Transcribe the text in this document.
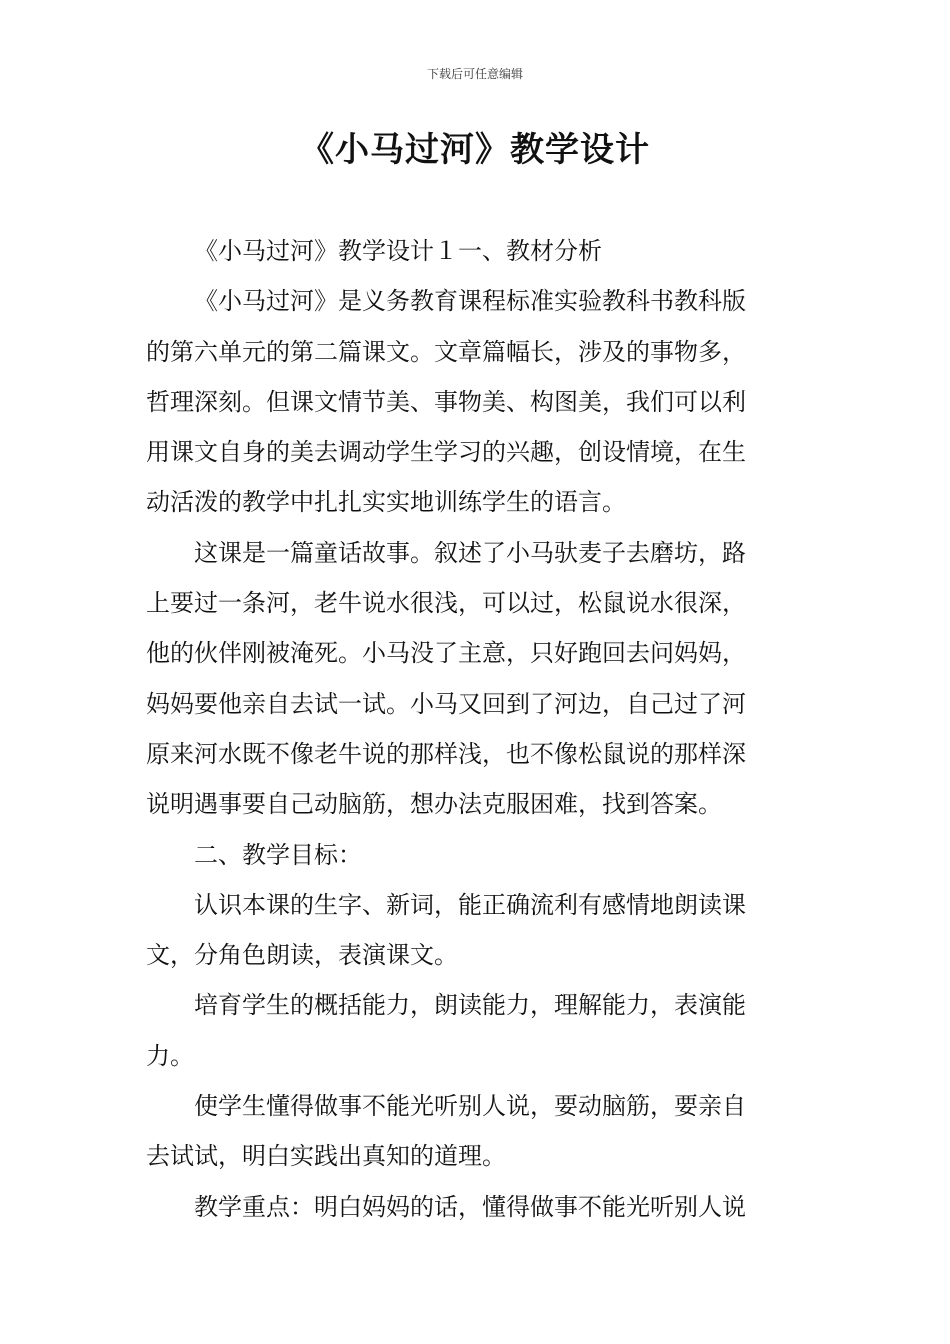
下载后可任意编辑
《小马过河》教学设计

《小马过河》教学设计１一、教材分析

《小马过河》是义务教育课程标准实验教科书教科版
的第六单元的第二篇课文。文章篇幅长，涉及的事物多，
哲理深刻。但课文情节美、事物美、构图美，我们可以利
用课文自身的美去调动学生学习的兴趣，创设情境，在生
动活泼的教学中扎扎实实地训练学生的语言。

这课是一篇童话故事。叙述了小马驮麦子去磨坊，路
上要过一条河，老牛说水很浅，可以过，松鼠说水很深，
他的伙伴刚被淹死。小马没了主意，只好跑回去问妈妈，
妈妈要他亲自去试一试。小马又回到了河边，自己过了河
原来河水既不像老牛说的那样浅，也不像松鼠说的那样深
说明遇事要自己动脑筋，想办法克服困难，找到答案。

二、教学目标：

认识本课的生字、新词，能正确流利有感情地朗读课
文，分角色朗读，表演课文。

培育学生的概括能力，朗读能力，理解能力，表演能
力。

使学生懂得做事不能光听别人说，要动脑筋，要亲自
去试试，明白实践出真知的道理。

教学重点：明白妈妈的话，懂得做事不能光听别人说
